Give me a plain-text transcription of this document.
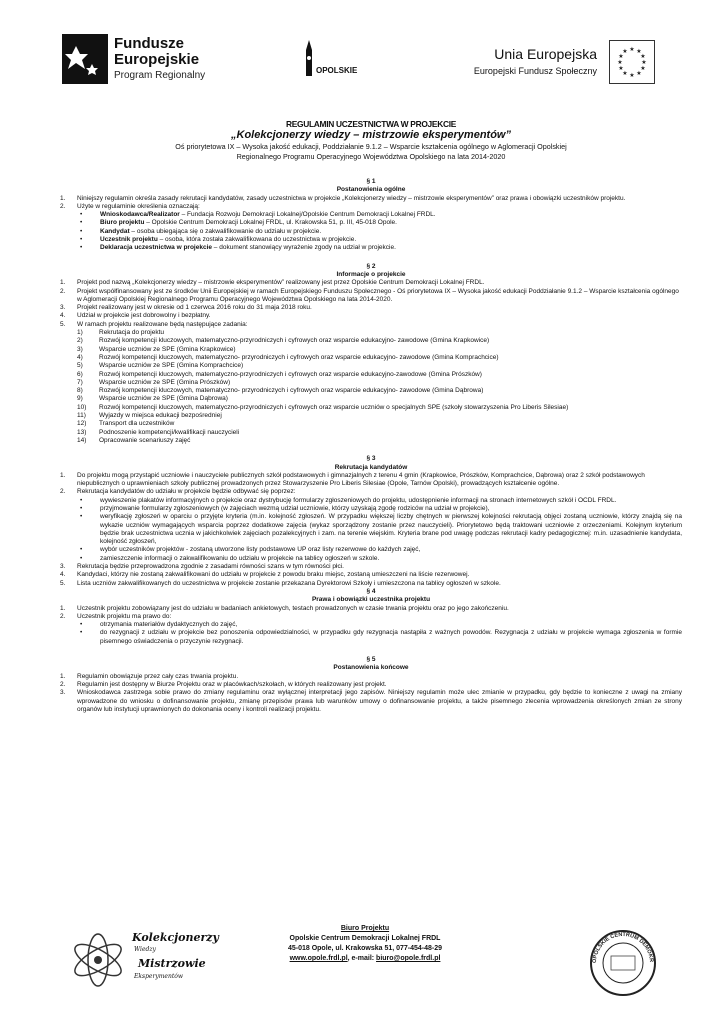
Fundusze
Europejskie
Program Regionalny	OPOLSKIE
Unia Europejska
Europejski Fundusz Społeczny
★ ★
★
★
★
★
★
★
★
★
★
★
REGULAMIN UCZESTNICTWA W PROJEKCIE
„Kolekcjonerzy wiedzy – mistrzowie eksperymentów”
Oś priorytetowa IX – Wysoka jakość edukacji, Poddziałanie 9.1.2 – Wsparcie kształcenia ogólnego w Aglomeracji Opolskiej
Regionalnego Programu Operacyjnego Województwa Opolskiego na lata 2014-2020
§ 1
Postanowienia ogólne
1.	Niniejszy regulamin określa zasady rekrutacji kandydatów, zasady uczestnictwa w projekcie „Kolekcjonerzy wiedzy – mistrzowie eksperymentów” oraz prawa i obowiązki uczestników projektu.
2.	Użyte w regulaminie określenia oznaczają:
•	Wnioskodawca/Realizator – Fundacja Rozwoju Demokracji Lokalnej/Opolskie Centrum Demokracji Lokalnej FRDL.
•	Biuro projektu – Opolskie Centrum Demokracji Lokalnej FRDL, ul. Krakowska 51, p. III, 45-018 Opole.
•	Kandydat – osoba ubiegająca się o zakwalifikowanie do udziału w projekcie.
•	Uczestnik projektu – osoba, która została zakwalifikowana do uczestnictwa w projekcie.
•	Deklaracja uczestnictwa w projekcie – dokument stanowiący wyrażenie zgody na udział w projekcie.
§ 2
Informacje o projekcie
1.	Projekt pod nazwą „Kolekcjonerzy wiedzy – mistrzowie eksperymentów” realizowany jest przez Opolskie Centrum Demokracji Lokalnej FRDL.
2.	Projekt współfinansowany jest ze środków Unii Europejskiej w ramach Europejskiego Funduszu Społecznego - Oś priorytetowa IX – Wysoka jakość edukacji Poddziałanie 9.1.2 – Wsparcie kształcenia ogólnego w Aglomeracji Opolskiej Regionalnego Programu Operacyjnego Województwa Opolskiego na lata 2014-2020.
3.	Projekt realizowany jest w okresie od 1 czerwca 2016 roku do 31 maja 2018 roku.
4.	Udział w projekcie jest dobrowolny i bezpłatny.
5.	W ramach projektu realizowane będą następujące zadania:
1)	Rekrutacja do projektu
2)	Rozwój kompetencji kluczowych, matematyczno-przyrodniczych i cyfrowych oraz wsparcie edukacyjno- zawodowe (Gmina Krapkowice)
3)	Wsparcie uczniów ze SPE (Gmina Krapkowice)
4)	Rozwój kompetencji kluczowych, matematyczno- przyrodniczych i cyfrowych oraz wsparcie edukacyjno- zawodowe (Gmina Komprachcice)
5)	Wsparcie uczniów ze SPE (Gmina Komprachcice)
6)	Rozwój kompetencji kluczowych, matematyczno-przyrodniczych i cyfrowych oraz wsparcie edukacyjno-zawodowe (Gmina Prószków)
7)	Wsparcie uczniów ze SPE (Gmina Prószków)
8)	Rozwój kompetencji kluczowych, matematyczno- przyrodniczych i cyfrowych oraz wsparcie edukacyjno- zawodowe (Gmina Dąbrowa)
9)	Wsparcie uczniów ze SPE (Gmina Dąbrowa)
10)	Rozwój kompetencji kluczowych, matematyczno-przyrodniczych i cyfrowych oraz wsparcie uczniów o specjalnych SPE (szkoły stowarzyszenia Pro Liberis Silesiae)
11)	Wyjazdy w miejsca edukacji bezpośredniej
12)	Transport dla uczestników
13)	Podnoszenie kompetencji/kwalifikacji nauczycieli
14)	Opracowanie scenariuszy zajęć
§ 3
Rekrutacja kandydatów
1.	Do projektu mogą przystąpić uczniowie i nauczyciele publicznych szkół podstawowych i gimnazjalnych z terenu 4 gmin (Krapkowice, Prószków, Komprachcice, Dąbrowa) oraz 2 szkół podstawowych niepublicznych o uprawnieniach szkoły publicznej prowadzonych przez Stowarzyszenie Pro Liberis Silesiae (Opole, Tarnów Opolski), prowadzących kształcenie ogólne.
2.	Rekrutacja kandydatów do udziału w projekcie będzie odbywać się poprzez:
•	wywieszenie plakatów informacyjnych o projekcie oraz dystrybucję formularzy zgłoszeniowych do projektu, udostępnienie informacji na stronach internetowych szkół i OCDL FRDL.
•	przyjmowanie formularzy zgłoszeniowych (w zajęciach wezmą udział uczniowie, którzy uzyskają zgodę rodziców na udział w projekcie),
•	weryfikację zgłoszeń w oparciu o przyjęte kryteria (m.in. kolejność zgłoszeń. W przypadku większej liczby chętnych w pierwszej kolejności rekrutacją objęci zostaną uczniowie, którzy znajdą się na wykazie uczniów wymagających wsparcia poprzez dodatkowe zajęcia (wykaz sporządzony zostanie przez nauczycieli). Priorytetowo będą traktowani uczniowie z orzeczeniami. Kolejnym kryterium będzie brak uczestnictwa ucznia w jakichkolwiek zajęciach pozalekcyjnych i zam. na terenie wiejskim. Kryteria brane pod uwagę podczas rekrutacji kadry pedagogicznej: m.in. uzasadnienie kandydata, kolejność zgłoszeń,
•	wybór uczestników projektów - zostaną utworzone listy podstawowe UP oraz listy rezerwowe do każdych zajęć,
•	zamieszczenie informacji o zakwalifikowaniu do udziału w projekcie na tablicy ogłoszeń w szkole.
3.	Rekrutacja będzie przeprowadzona zgodnie z zasadami równości szans w tym równości płci.
4.	Kandydaci, którzy nie zostaną zakwalifikowani do udziału w projekcie z powodu braku miejsc, zostaną umieszczeni na liście rezerwowej.
5.	Lista uczniów zakwalifikowanych do uczestnictwa w projekcie zostanie przekazana Dyrektorowi Szkoły i umieszczona na tablicy ogłoszeń w szkole.
§ 4
Prawa i obowiązki uczestnika projektu
1.	Uczestnik projektu zobowiązany jest do udziału w badaniach ankietowych, testach prowadzonych w czasie trwania projektu oraz po jego zakończeniu.
2.	Uczestnik projektu ma prawo do:
•	otrzymania materiałów dydaktycznych do zajęć,
•	do rezygnacji z udziału w projekcie bez ponoszenia odpowiedzialności, w przypadku gdy rezygnacja nastąpiła z ważnych powodów. Rezygnacja z udziału w projekcie wymaga zgłoszenia w formie pisemnego oświadczenia o przyczynie rezygnacji.
§ 5
Postanowienia końcowe
1.	Regulamin obowiązuje przez cały czas trwania projektu.
2.	Regulamin jest dostępny w Biurze Projektu oraz w placówkach/szkołach, w których realizowany jest projekt.
3.	Wnioskodawca zastrzega sobie prawo do zmiany regulaminu oraz wyłącznej interpretacji jego zapisów. Niniejszy regulamin może ulec zmianie w przypadku, gdy będzie to konieczne z uwagi na zmiany wprowadzone do wniosku o dofinansowanie projektu, zmianę przepisów prawa lub warunków umowy o dofinansowanie projektu, a także pisemnego zlecenia wprowadzenia określonych zmian ze strony organów lub instytucji uprawnionych do dokonania oceny i kontroli realizacji projektu.
Kolekcjonerzy
Wiedzy
Mistrzowie
Eksperymentów
Biuro Projektu
Opolskie Centrum Demokracji Lokalnej FRDL
45-018 Opole, ul. Krakowska 51, 077-454-48-29
www.opole.frdl.pl, e-mail: biuro@opole.frdl.pl	OPOLSKIE CENTRUM DEMOKR
